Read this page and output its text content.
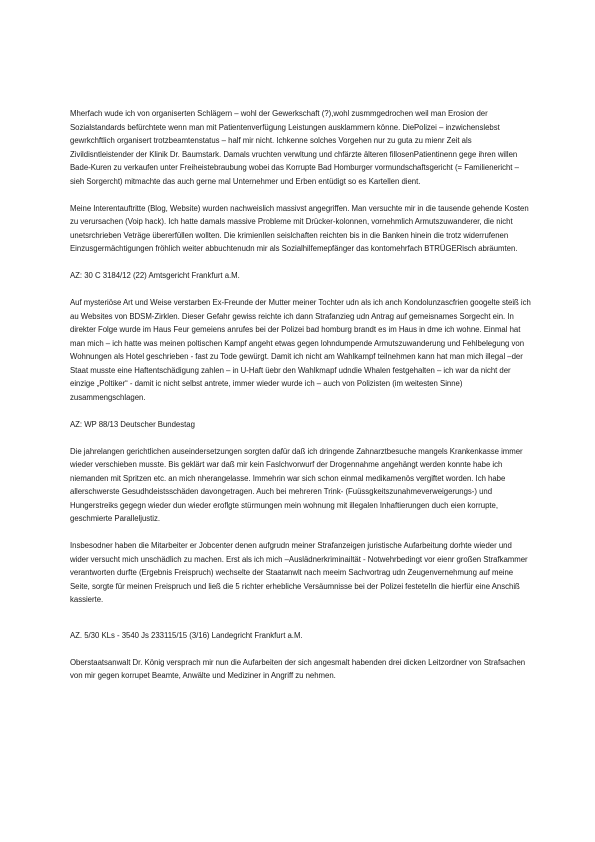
Mherfach wude ich von organiserten Schlägern – wohl der Gewerkschaft (?),wohl zusmmgedrochen weil man Erosion der Sozialstandards befürchtete wenn man mit Patientenverfügung Leistungen ausklammern könne. DiePolizei – inzwichenslebst gewrkchftlich organisert trotzbeamtenstatus – half mir nicht. Ichkenne solches Vorgehen nur zu guta zu mienr Zeit als Zivildisntleistender der Klinik Dr. Baumstark. Damals vruchten verwltung und chfärzte älteren fillosenPatientinenn gege ihren willen Bade-Kuren zu verkaufen unter Freiheistebraubung wobei das Korrupte Bad Homburger vormundschaftsgericht (= Familienericht – sieh Sorgercht) mitmachte das auch gerne mal Unternehmer und Erben entüdigt so es Kartellen dient.

Meine Interentauftritte (Blog, Website) wurden nachweislich massivst angegriffen. Man versuchte mir in die tausende gehende Kosten zu verursachen (Voip hack). Ich hatte damals massive Probleme mit Drücker-kolonnen, vornehmlich Armutszuwanderer, die nicht unetsrchrieben Veträge übererfüllen wollten. Die krimienllen seislchaften reichten bis in die Banken hinein die trotz widerrufenen Einzusgermächtigungen fröhlich weiter abbuchtenudn mir als Sozialhilfemepfänger das kontomehrfach BTRÜGERisch abräumten.

AZ: 30 C 3184/12 (22) Amtsgericht Frankfurt a.M.

Auf mysteriöse Art und Weise verstarben Ex-Freunde der Mutter meiner Tochter udn als ich anch Kondolunzascfrien googelte steiß ich au Websites von BDSM-Zirklen. Dieser Gefahr gewiss reichte ich dann Strafanzieg udn Antrag auf gemeisnames Sorgecht ein. In direkter Folge wurde im Haus Feur gemeiens anrufes bei der Polizei bad homburg brandt es im Haus in dme ich wohne. Einmal hat man mich – ich hatte was meinen poltischen Kampf angeht etwas gegen lohndumpende Armutszuwanderung und Fehlbelegung von Wohnungen als Hotel geschrieben - fast zu Tode gewürgt. Damit ich nicht am Wahlkampf teilnehmen kann hat man mich illegal –der Staat musste eine Haftentschädigung zahlen – in U-Haft üebr den Wahlkmapf udndie Whalen festgehalten – ich war da nicht der einzige „Poltiker“ - damit ic nicht selbst antrete, immer wieder wurde ich – auch von Polizisten (im weitesten Sinne) zusammengschlagen.

AZ: WP 88/13 Deutscher Bundestag

Die jahrelangen gerichtlichen auseindersetzungen sorgten dafür daß ich dringende Zahnarztbesuche mangels Krankenkasse immer wieder verschieben musste. Bis geklärt war daß mir kein Faslchvorwurf der Drogennahme angehängt werden konnte habe ich niemanden mit Spritzen etc. an mich nherangelasse. Immehrin war sich schon einmal medikamenös vergiftet worden. Ich habe allerschwerste Gesudhdeistsschäden davongetragen. Auch bei mehreren Trink- (Fuüssgkeitszunahmeverweigerungs-) und Hungerstreiks gegegn wieder dun wieder eroflgte stürmungen mein wohnung mit illegalen Inhaftierungen duch eien korrupte, geschmierte Paralleljustiz.

Insbesodner haben die Mitarbeiter er Jobcenter denen aufgrudn meiner Strafanzeigen juristische Aufarbeitung dorhte wieder und wider versucht mich unschädlich zu machen. Erst als ich mich –Auslädnerkriminailtät - Notwehrbedingt vor eienr großen Strafkammer verantworten durfte (Ergebnis Freispruch) wechselte der Staatanwlt nach meeim Sachvortrag udn Zeugenvernehmung auf meine Seite, sorgte für meinen Freispruch und ließ die 5 richter erhebliche Versäumnisse bei der Polizei festeteIln die hierfür eine Anschiß kassierte.

AZ. 5/30 KLs - 3540 Js 233115/15 (3/16) Landegricht Frankfurt a.M.

Oberstaatsanwalt Dr. König versprach mir nun die Aufarbeiten der sich angesmalt habenden drei dicken Leitzordner von Strafsachen von mir gegen korrupet Beamte, Anwälte und Mediziner in Angriff zu nehmen.
